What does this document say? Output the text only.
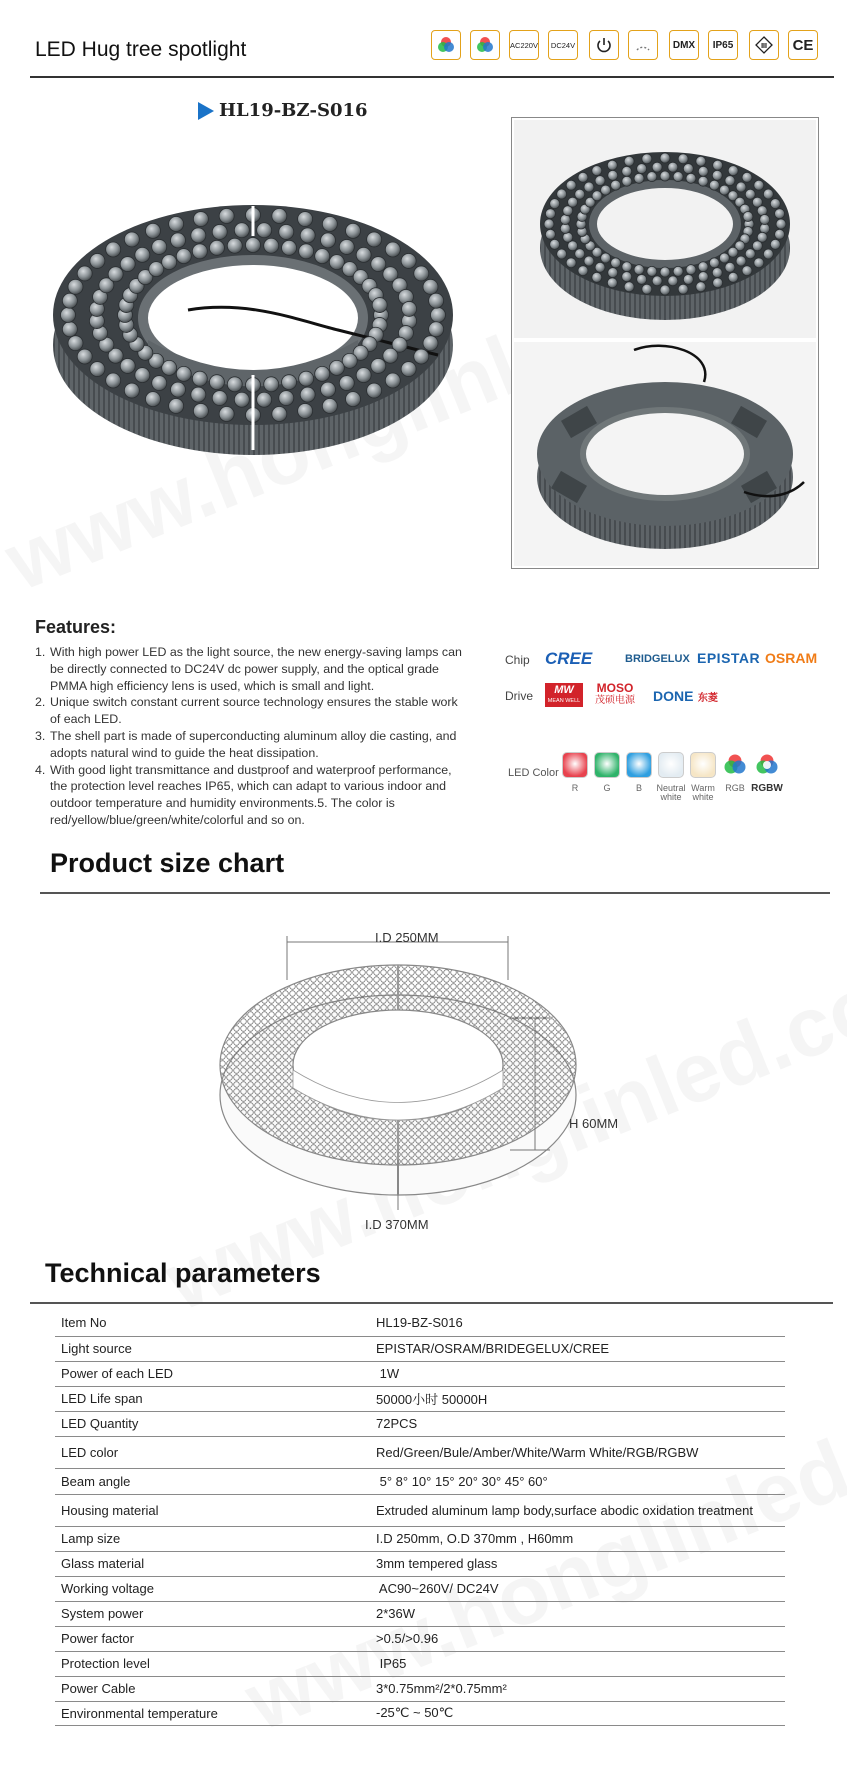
LED Hug tree spotlight	AC220V	DC24V	DMX	IP65	III	CE
HL19-BZ-S016
Features:
1. With high power LED as the light source, the new energy-saving lamps can be directly connected to DC24V dc power supply, and the optical grade PMMA high efficiency lens is used, which is small and light.
2. Unique switch constant current source technology ensures the stable work of each LED.
3. The shell part is made of superconducting aluminum alloy die casting, and adopts natural wind to guide the heat dissipation.
4. With good light transmittance and dustproof and waterproof performance, the protection level reaches IP65, which can adapt to various indoor and outdoor temperature and humidity environments.5. The color is red/yellow/blue/green/white/colorful and so on.
Chip CREE	BRIDGELUX EPISTAR OSRAM
Drive	MW
MEAN WELL
MOSO
茂硕电源 DONE 东菱
LED Color
R	G	B	Neutral white
Warm white
RGB RGBW
Product size chart
I.D 250MM
H 60MM
I.D 370MM
Technical parameters
Item No	HL19-BZ-S016
Light source	EPISTAR/OSRAM/BRIDEGELUX/CREE
Power of each LED	1W
LED Life span	50000小时 50000H
LED Quantity	72PCS
LED color	Red/Green/Bule/Amber/White/Warm White/RGB/RGBW
Beam angle	5° 8° 10° 15° 20° 30° 45° 60°
Housing material	Extruded aluminum lamp body,surface abodic oxidation treatment
Lamp size	I.D 250mm, O.D 370mm , H60mm
Glass material	3mm tempered glass
Working voltage	AC90~260V/ DC24V
System power	2*36W
Power factor	>0.5/>0.96
Protection level	IP65
Power Cable	3*0.75mm²/2*0.75mm²
Environmental temperature	-25℃ ~ 50℃
